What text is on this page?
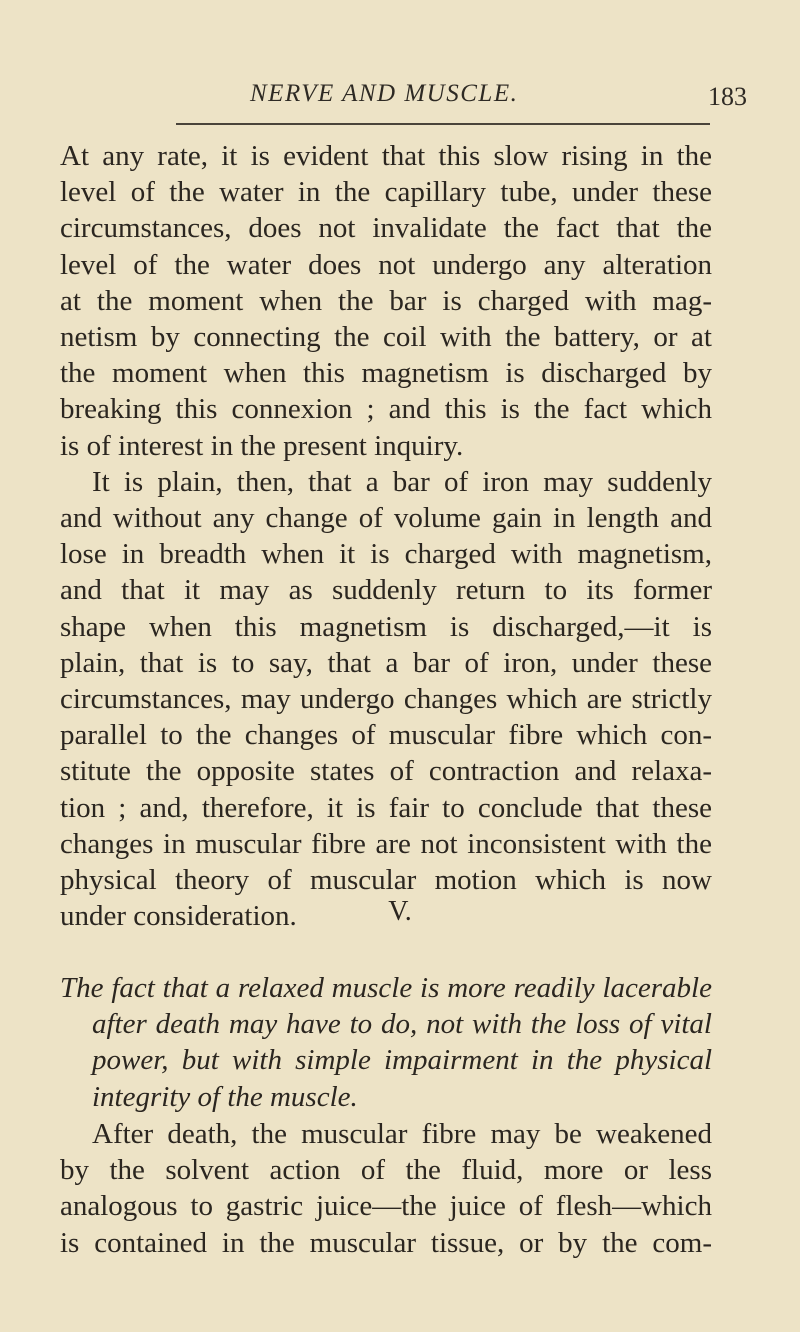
NERVE AND MUSCLE.	183
At any rate, it is evident that this slow rising in the
level of the water in the capillary tube, under these
circumstances, does not invalidate the fact that the
level of the water does not undergo any alteration
at the moment when the bar is charged with mag-
netism by connecting the coil with the battery, or at
the moment when this magnetism is discharged by
breaking this connexion ; and this is the fact which
is of interest in the present inquiry.
It is plain, then, that a bar of iron may suddenly
and without any change of volume gain in length and
lose in breadth when it is charged with magnetism,
and that it may as suddenly return to its former
shape when this magnetism is discharged,—it is
plain, that is to say, that a bar of iron, under these
circumstances, may undergo changes which are strictly
parallel to the changes of muscular fibre which con-
stitute the opposite states of contraction and relaxa-
tion ; and, therefore, it is fair to conclude that these
changes in muscular fibre are not inconsistent with the
physical theory of muscular motion which is now
under consideration.	V.
The fact that a relaxed muscle is more readily lacerable
after death may have to do, not with the loss of vital
power, but with simple impairment in the physical
integrity of the muscle.
After death, the muscular fibre may be weakened
by the solvent action of the fluid, more or less
analogous to gastric juice—the juice of flesh—which
is contained in the muscular tissue, or by the com-
